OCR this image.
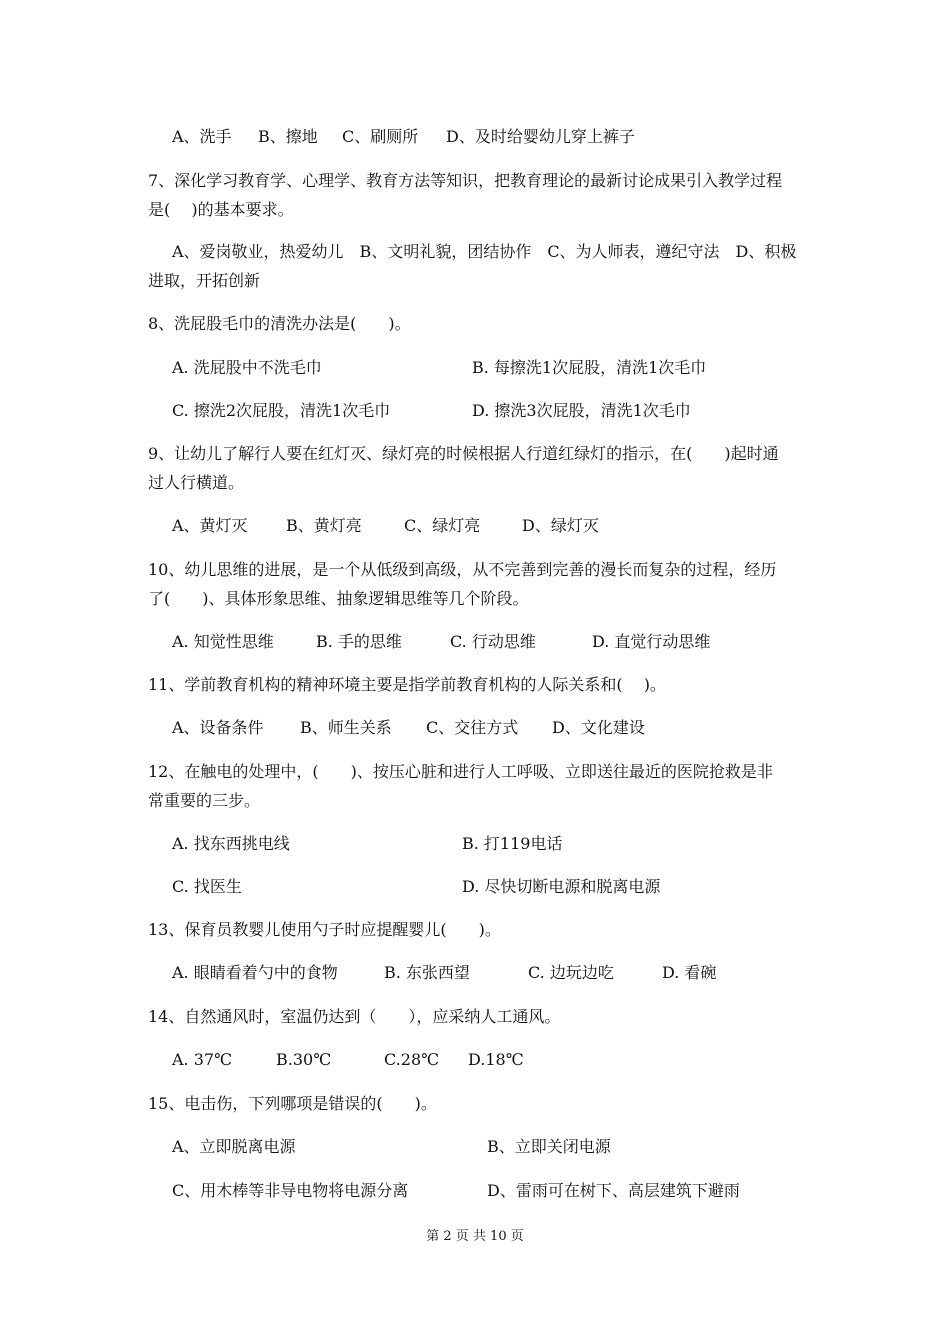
A、洗手 B、擦地 C、刷厕所 D、及时给婴幼儿穿上裤子
7、深化学习教育学、心理学、教育方法等知识，把教育理论的最新讨论成果引入教学过程
是(　 )的基本要求。
A、爱岗敬业，热爱幼儿　B、文明礼貌，团结协作　C、为人师表，遵纪守法　D、积极
进取，开拓创新
8、洗屁股毛巾的清洗办法是(　　)。
A. 洗屁股中不洗毛巾	B. 每擦洗1次屁股，清洗1次毛巾
C. 擦洗2次屁股，清洗1次毛巾	D. 擦洗3次屁股，清洗1次毛巾
9、让幼儿了解行人要在红灯灭、绿灯亮的时候根据人行道红绿灯的指示，在(　　)起时通
过人行横道。
A、黄灯灭 B、黄灯亮	C、绿灯亮	D、绿灯灭
10、幼儿思维的进展，是一个从低级到高级，从不完善到完善的漫长而复杂的过程，经历
了(　　)、具体形象思维、抽象逻辑思维等几个阶段。
A. 知觉性思维	B. 手的思维	C. 行动思维	D. 直觉行动思维
11、学前教育机构的精神环境主要是指学前教育机构的人际关系和(　 )。
A、设备条件 B、师生关系 C、交往方式 D、文化建设
12、在触电的处理中，(　　)、按压心脏和进行人工呼吸、立即送往最近的医院抢救是非
常重要的三步。
A. 找东西挑电线	B. 打119电话
C. 找医生	D. 尽快切断电源和脱离电源
13、保育员教婴儿使用勺子时应提醒婴儿(　　)。
A. 眼睛看着勺中的食物	B. 东张西望	C. 边玩边吃	D. 看碗
14、自然通风时，室温仍达到（　　），应采纳人工通风。
A. 37℃	B.30℃	C.28℃ D.18℃
15、电击伤，下列哪项是错误的(　　)。
A、立即脱离电源	B、立即关闭电源
C、用木棒等非导电物将电源分离	D、雷雨可在树下、高层建筑下避雨
第 2 页 共 10 页
